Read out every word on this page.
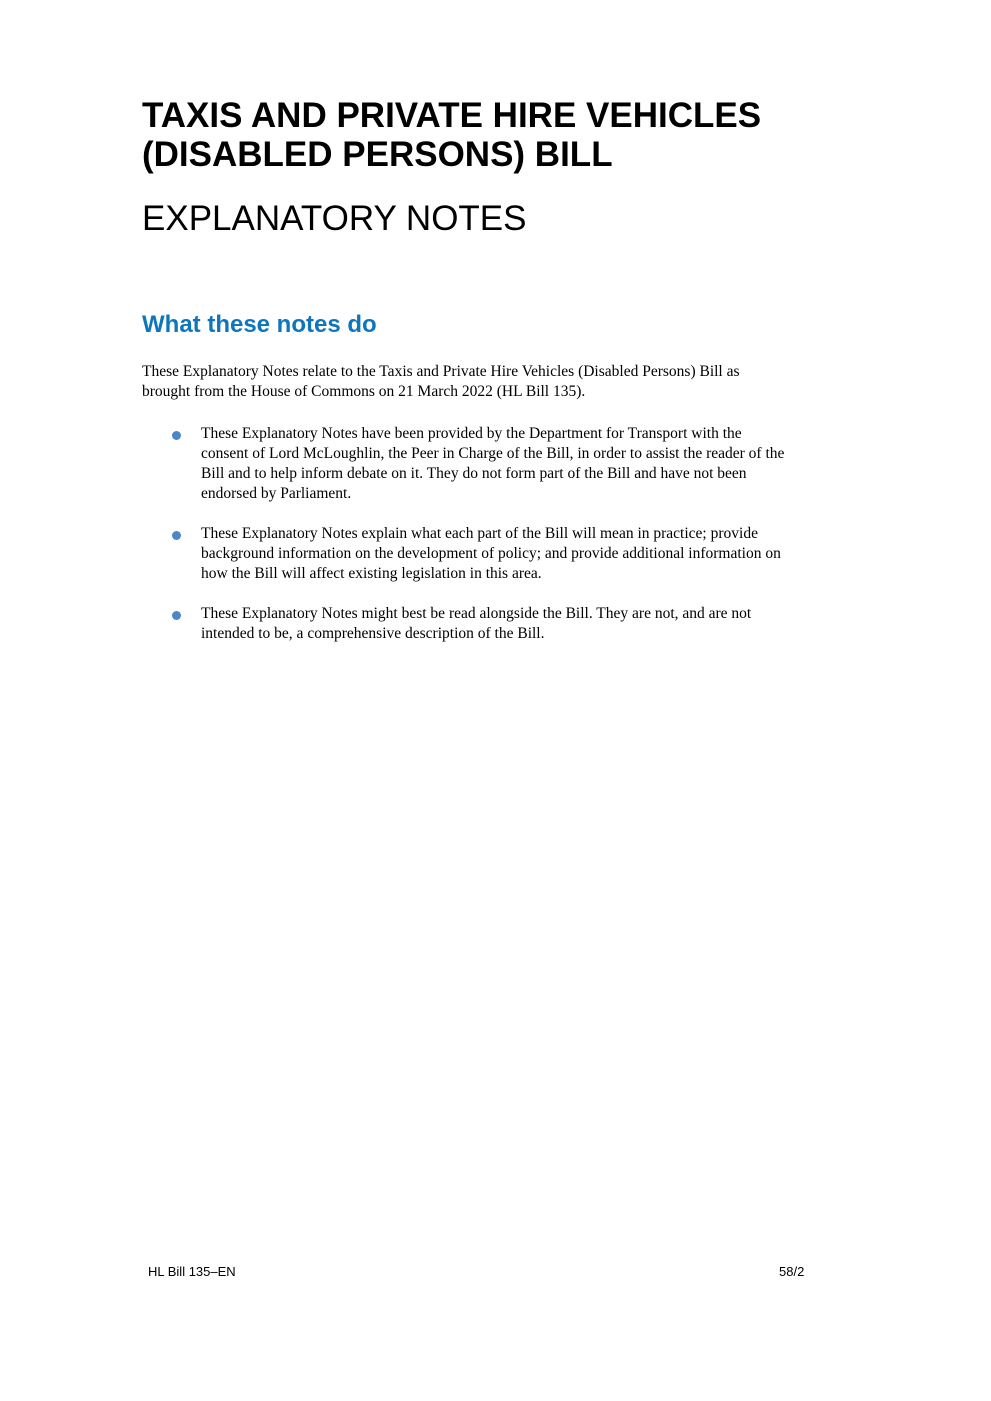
TAXIS AND PRIVATE HIRE VEHICLES
(DISABLED PERSONS) BILL
EXPLANATORY NOTES
What these notes do

These Explanatory Notes relate to the Taxis and Private Hire Vehicles (Disabled Persons) Bill as
brought from the House of Commons on 21 March 2022 (HL Bill 135).

These Explanatory Notes have been provided by the Department for Transport with the
consent of Lord McLoughlin, the Peer in Charge of the Bill, in order to assist the reader of the
Bill and to help inform debate on it. They do not form part of the Bill and have not been
endorsed by Parliament.
These Explanatory Notes explain what each part of the Bill will mean in practice; provide
background information on the development of policy; and provide additional information on
how the Bill will affect existing legislation in this area.
These Explanatory Notes might best be read alongside the Bill. They are not, and are not
intended to be, a comprehensive description of the Bill.
HL Bill 135–EN	58/2
